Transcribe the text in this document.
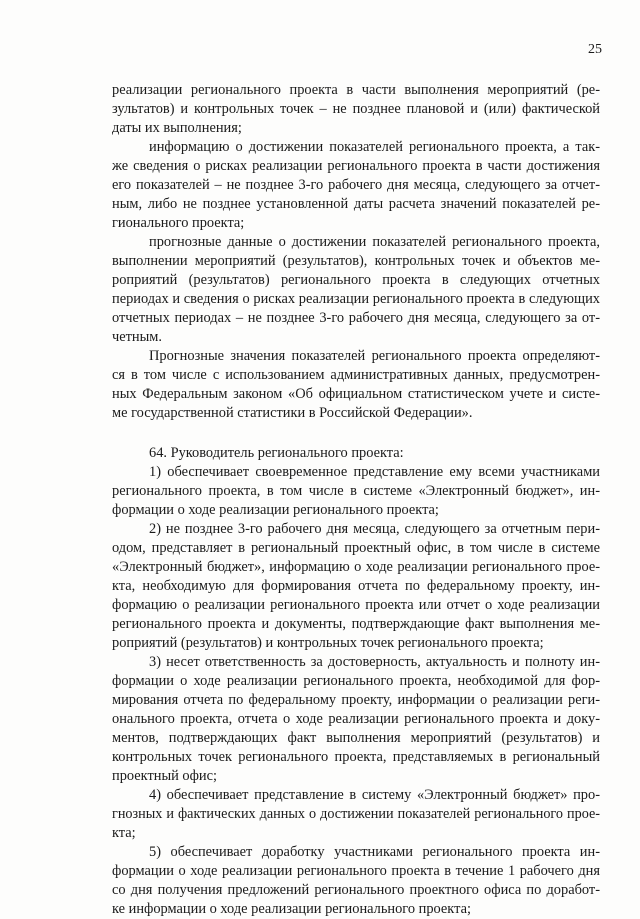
25
реализации регионального проекта в части выполнения мероприятий (ре-
зультатов) и контрольных точек – не позднее плановой и (или) фактической
даты их выполнения;
информацию о достижении показателей регионального проекта, а так-
же сведения о рисках реализации регионального проекта в части достижения
его показателей – не позднее 3-го рабочего дня месяца, следующего за отчет-
ным, либо не позднее установленной даты расчета значений показателей ре-
гионального проекта;
прогнозные данные о достижении показателей регионального проекта,
выполнении мероприятий (результатов), контрольных точек и объектов ме-
роприятий (результатов) регионального проекта в следующих отчетных
периодах и сведения о рисках реализации регионального проекта в следующих
отчетных периодах – не позднее 3-го рабочего дня месяца, следующего за от-
четным.
Прогнозные значения показателей регионального проекта определяют-
ся в том числе с использованием административных данных, предусмотрен-
ных Федеральным законом «Об официальном статистическом учете и систе-
ме государственной статистики в Российской Федерации».
64. Руководитель регионального проекта:
1) обеспечивает своевременное представление ему всеми участниками
регионального проекта, в том числе в системе «Электронный бюджет», ин-
формации о ходе реализации регионального проекта;
2) не позднее 3-го рабочего дня месяца, следующего за отчетным пери-
одом, представляет в региональный проектный офис, в том числе в системе
«Электронный бюджет», информацию о ходе реализации регионального прое-
кта, необходимую для формирования отчета по федеральному проекту, ин-
формацию о реализации регионального проекта или отчет о ходе реализации
регионального проекта и документы, подтверждающие факт выполнения ме-
роприятий (результатов) и контрольных точек регионального проекта;
3) несет ответственность за достоверность, актуальность и полноту ин-
формации о ходе реализации регионального проекта, необходимой для фор-
мирования отчета по федеральному проекту, информации о реализации реги-
онального проекта, отчета о ходе реализации регионального проекта и доку-
ментов, подтверждающих факт выполнения мероприятий (результатов) и
контрольных точек регионального проекта, представляемых в региональный
проектный офис;
4) обеспечивает представление в систему «Электронный бюджет» про-
гнозных и фактических данных о достижении показателей регионального прое-
кта;
5) обеспечивает доработку участниками регионального проекта ин-
формации о ходе реализации регионального проекта в течение 1 рабочего дня
со дня получения предложений регионального проектного офиса по доработ-
ке информации о ходе реализации регионального проекта;
